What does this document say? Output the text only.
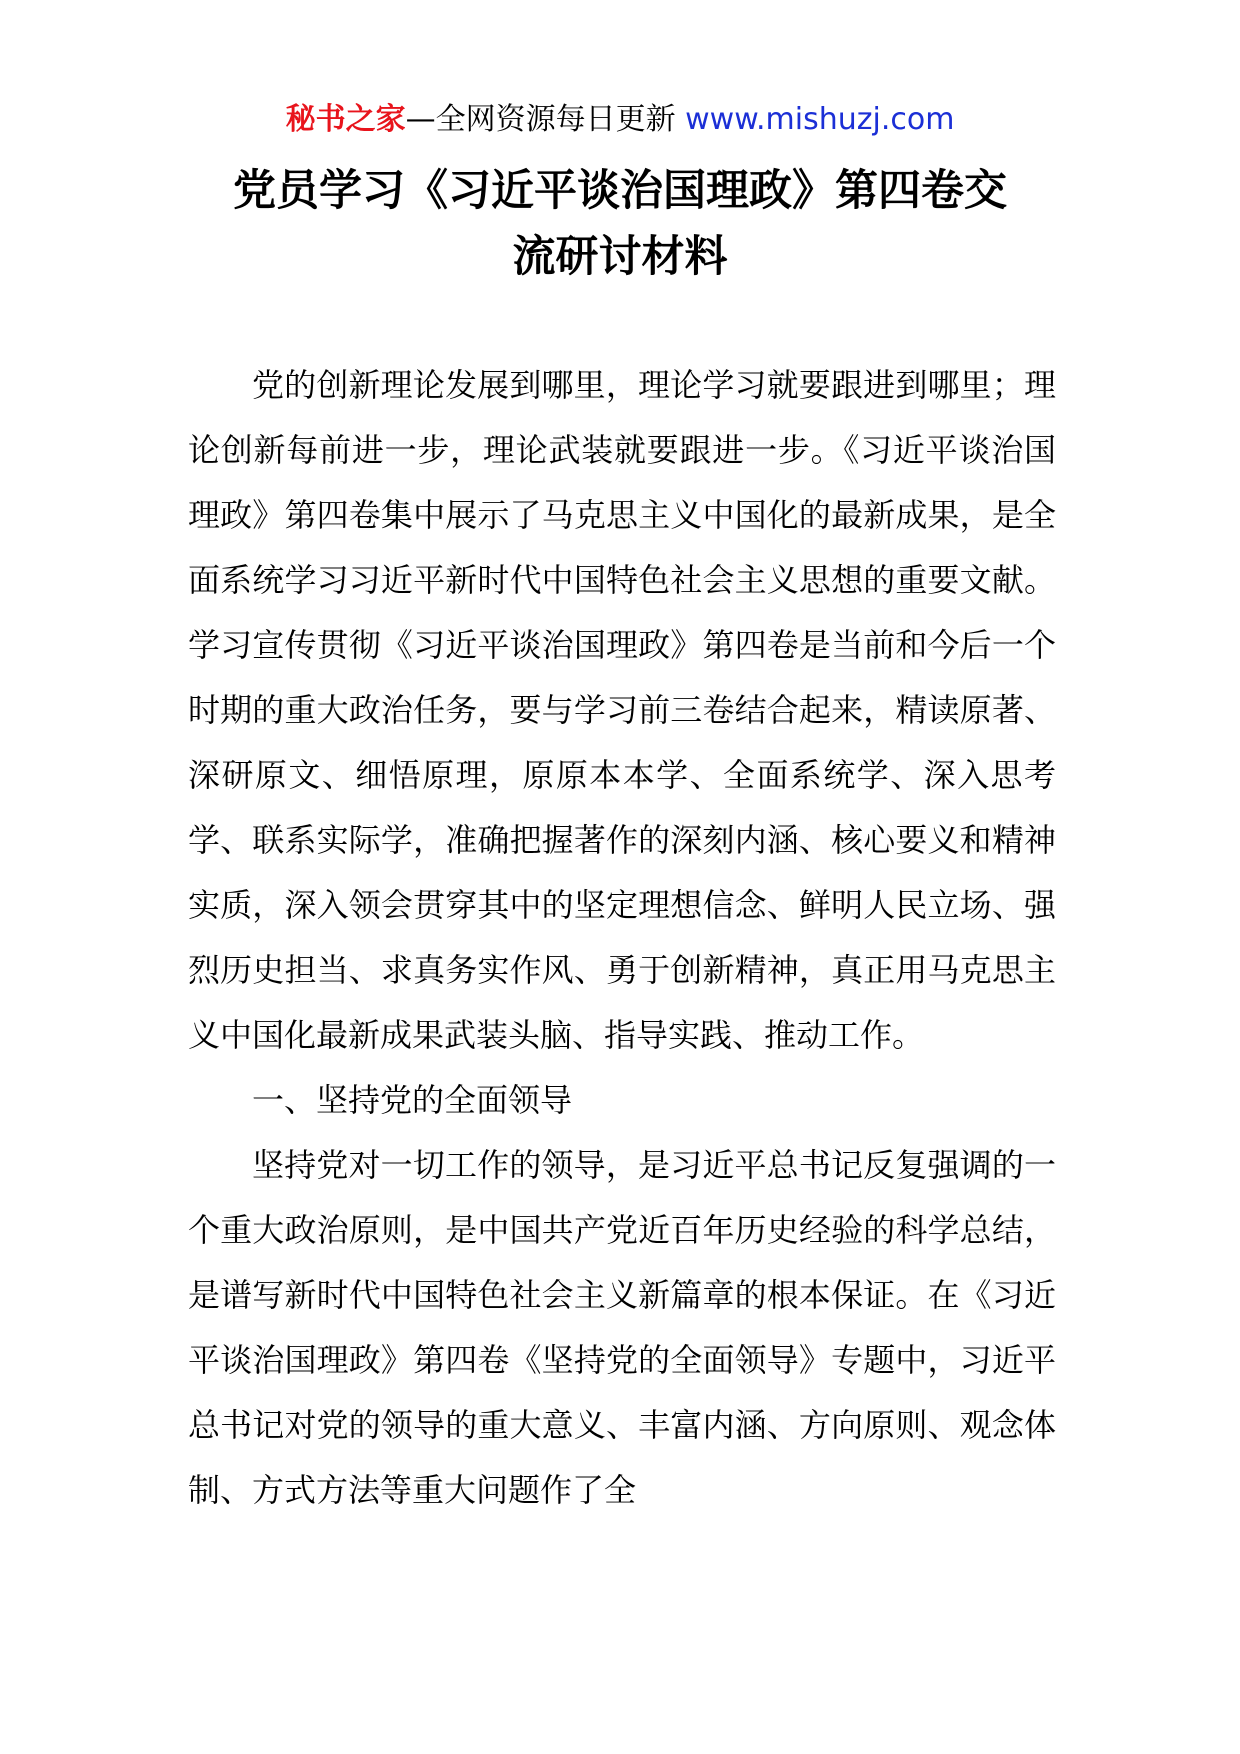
秘书之家—全网资源每日更新 www.mishuzj.com
党员学习《习近平谈治国理政》第四卷交
流研讨材料

党的创新理论发展到哪里，理论学习就要跟进到哪里；理论创新每前进一步，理论武装就要跟进一步。《习近平谈治国理政》第四卷集中展示了马克思主义中国化的最新成果，是全面系统学习习近平新时代中国特色社会主义思想的重要文献。学习宣传贯彻《习近平谈治国理政》第四卷是当前和今后一个时期的重大政治任务，要与学习前三卷结合起来，精读原著、深研原文、细悟原理，原原本本学、全面系统学、深入思考学、联系实际学，准确把握著作的深刻内涵、核心要义和精神实质，深入领会贯穿其中的坚定理想信念、鲜明人民立场、强烈历史担当、求真务实作风、勇于创新精神，真正用马克思主义中国化最新成果武装头脑、指导实践、推动工作。

一、坚持党的全面领导

坚持党对一切工作的领导，是习近平总书记反复强调的一个重大政治原则，是中国共产党近百年历史经验的科学总结，是谱写新时代中国特色社会主义新篇章的根本保证。在《习近平谈治国理政》第四卷《坚持党的全面领导》专题中，习近平总书记对党的领导的重大意义、丰富内涵、方向原则、观念体制、方式方法等重大问题作了全
